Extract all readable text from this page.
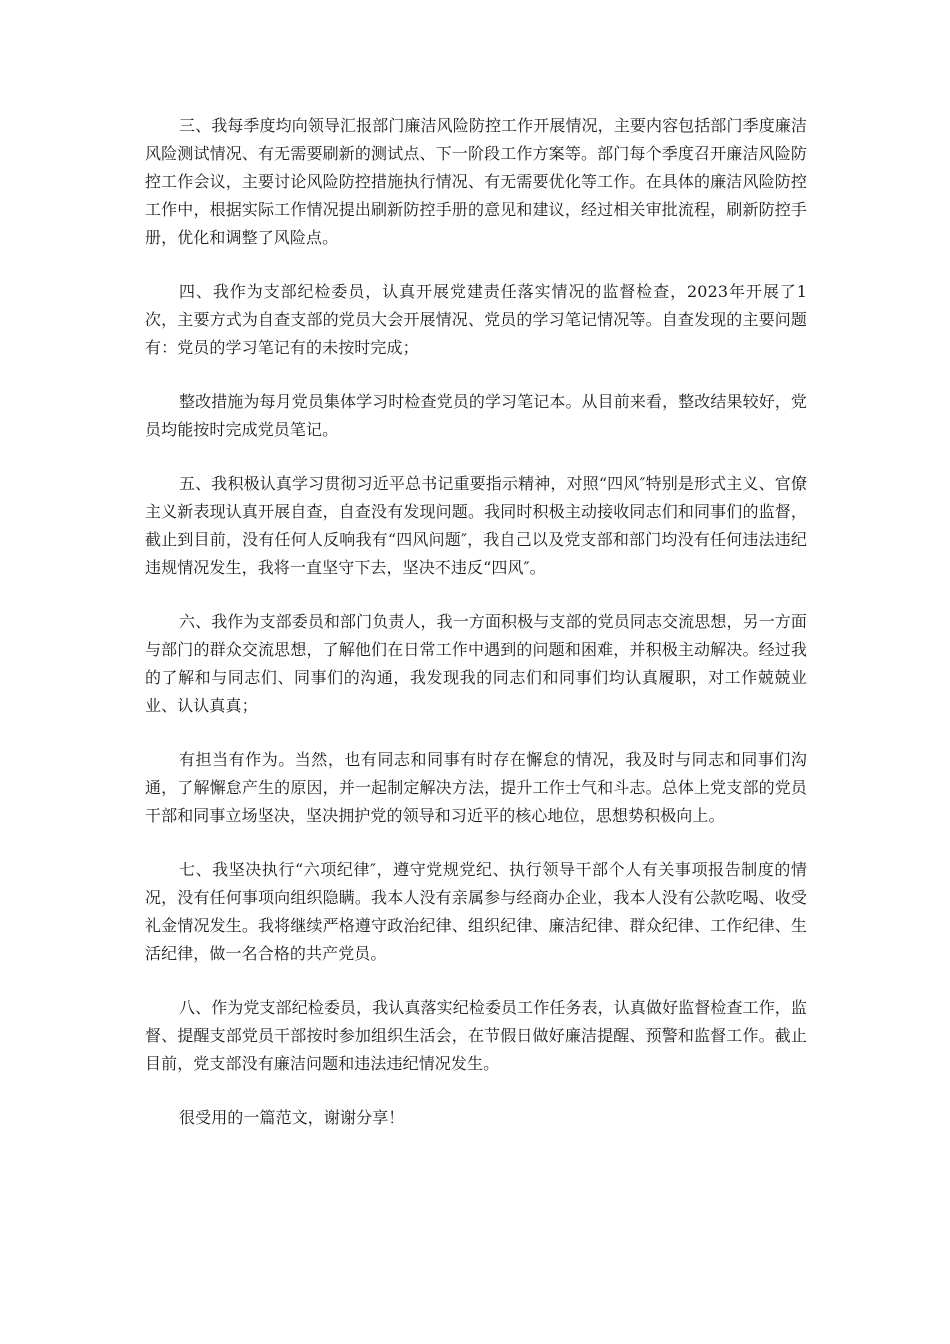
三、我每季度均向领导汇报部门廉洁风险防控工作开展情况，主要内容包括部门季度廉洁风险测试情况、有无需要刷新的测试点、下一阶段工作方案等。部门每个季度召开廉洁风险防控工作会议，主要讨论风险防控措施执行情况、有无需要优化等工作。在具体的廉洁风险防控工作中，根据实际工作情况提出刷新防控手册的意见和建议，经过相关审批流程，刷新防控手册，优化和调整了风险点。

四、我作为支部纪检委员，认真开展党建责任落实情况的监督检查，2023年开展了1次，主要方式为自查支部的党员大会开展情况、党员的学习笔记情况等。自查发现的主要问题有：党员的学习笔记有的未按时完成；

整改措施为每月党员集体学习时检查党员的学习笔记本。从目前来看，整改结果较好，党员均能按时完成党员笔记。

五、我积极认真学习贯彻习近平总书记重要指示精神，对照“四风″特别是形式主义、官僚主义新表现认真开展自查，自查没有发现问题。我同时积极主动接收同志们和同事们的监督，截止到目前，没有任何人反响我有“四风问题″，我自己以及党支部和部门均没有任何违法违纪违规情况发生，我将一直坚守下去，坚决不违反“四风″。

六、我作为支部委员和部门负责人，我一方面积极与支部的党员同志交流思想，另一方面与部门的群众交流思想，了解他们在日常工作中遇到的问题和困难，并积极主动解决。经过我的了解和与同志们、同事们的沟通，我发现我的同志们和同事们均认真履职，对工作兢兢业业、认认真真；

有担当有作为。当然，也有同志和同事有时存在懈怠的情况，我及时与同志和同事们沟通，了解懈怠产生的原因，并一起制定解决方法，提升工作士气和斗志。总体上党支部的党员干部和同事立场坚决，坚决拥护党的领导和习近平的核心地位，思想势积极向上。

七、我坚决执行“六项纪律″，遵守党规党纪、执行领导干部个人有关事项报告制度的情况，没有任何事项向组织隐瞒。我本人没有亲属参与经商办企业，我本人没有公款吃喝、收受礼金情况发生。我将继续严格遵守政治纪律、组织纪律、廉洁纪律、群众纪律、工作纪律、生活纪律，做一名合格的共产党员。

八、作为党支部纪检委员，我认真落实纪检委员工作任务表，认真做好监督检查工作，监督、提醒支部党员干部按时参加组织生活会，在节假日做好廉洁提醒、预警和监督工作。截止目前，党支部没有廉洁问题和违法违纪情况发生。

很受用的一篇范文，谢谢分享！
